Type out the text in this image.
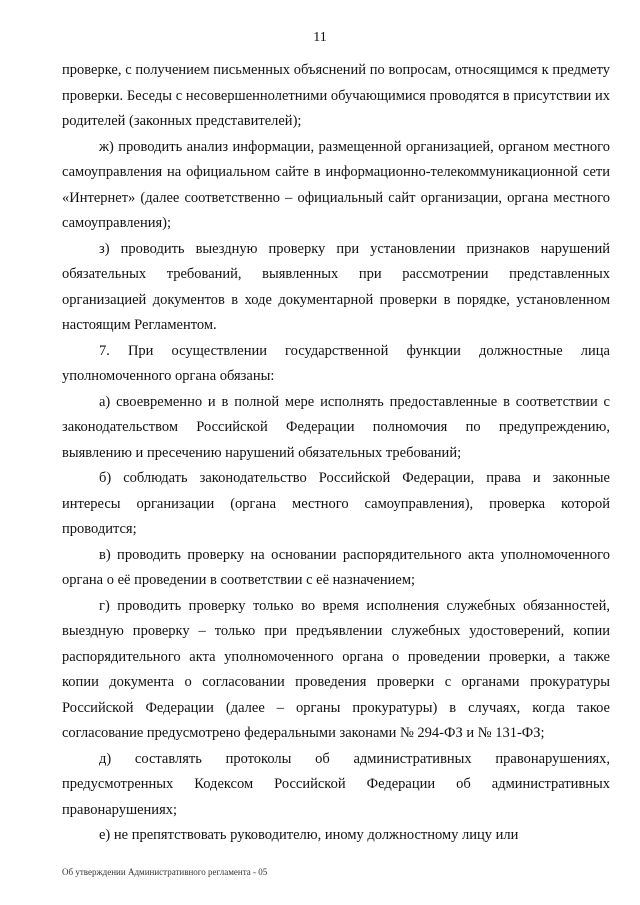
11

проверке, с получением письменных объяснений по вопросам, относящимся к предмету проверки. Беседы с несовершеннолетними обучающимися проводятся в присутствии их родителей (законных представителей);

ж) проводить анализ информации, размещенной организацией, органом местного самоуправления на официальном сайте в информационно-телекоммуникационной сети «Интернет» (далее соответственно – официальный сайт организации, органа местного самоуправления);

з) проводить выездную проверку при установлении признаков нарушений обязательных требований, выявленных при рассмотрении представленных организацией документов в ходе документарной проверки в порядке, установленном настоящим Регламентом.

7. При осуществлении государственной функции должностные лица уполномоченного органа обязаны:

а) своевременно и в полной мере исполнять предоставленные в соответствии с законодательством Российской Федерации полномочия по предупреждению, выявлению и пресечению нарушений обязательных требований;

б) соблюдать законодательство Российской Федерации, права и законные интересы организации (органа местного самоуправления), проверка которой проводится;

в) проводить проверку на основании распорядительного акта уполномоченного органа о её проведении в соответствии с её назначением;

г) проводить проверку только во время исполнения служебных обязанностей, выездную проверку – только при предъявлении служебных удостоверений, копии распорядительного акта уполномоченного органа о проведении проверки, а также копии документа о согласовании проведения проверки с органами прокуратуры Российской Федерации (далее – органы прокуратуры) в случаях, когда такое согласование предусмотрено федеральными законами № 294-ФЗ и № 131-ФЗ;

д) составлять протоколы об административных правонарушениях, предусмотренных Кодексом Российской Федерации об административных правонарушениях;

е) не препятствовать руководителю, иному должностному лицу или

Об утверждении Административного регламента - 05
